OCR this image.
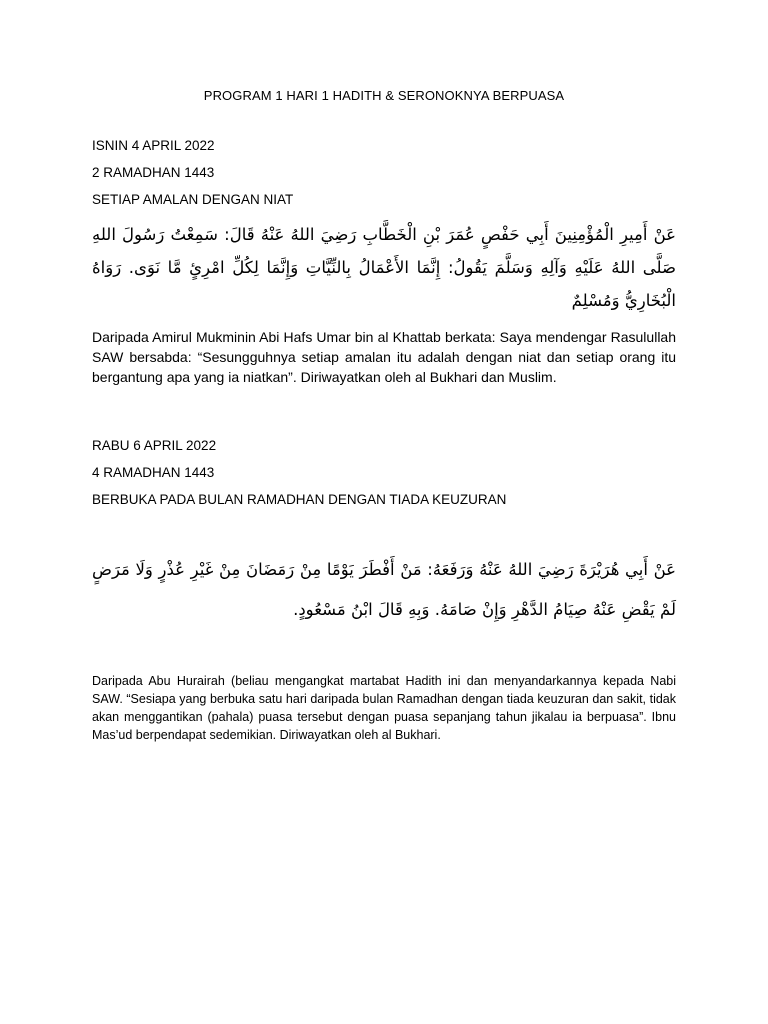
PROGRAM 1 HARI 1 HADITH & SERONOKNYA BERPUASA
ISNIN 4 APRIL 2022
2 RAMADHAN 1443
SETIAP AMALAN DENGAN NIAT
عَنْ أَمِيرِ الْمُؤْمِنِينَ أَبِي حَفْصٍ عُمَرَ بْنِ الْخَطَّابِ رَضِيَ اللهُ عَنْهُ قَالَ: سَمِعْتُ رَسُولَ اللهِ صَلَّى اللهُ عَلَيْهِ وَآلِهِ وَسَلَّمَ يَقُولُ: إِنَّمَا الأَعْمَالُ بِالنِّيَّاتِ وَإِنَّمَا لِكُلِّ امْرِئٍ مَّا نَوَى. رَوَاهُ الْبُخَارِيُّ وَمُسْلِمٌ
Daripada Amirul Mukminin Abi Hafs Umar bin al Khattab berkata: Saya mendengar Rasulullah SAW bersabda: “Sesungguhnya setiap amalan itu adalah dengan niat dan setiap orang itu bergantung apa yang ia niatkan”. Diriwayatkan oleh al Bukhari dan Muslim.
RABU 6 APRIL 2022
4 RAMADHAN 1443
BERBUKA PADA BULAN RAMADHAN DENGAN TIADA KEUZURAN
عَنْ أَبِي هُرَيْرَةَ رَضِيَ اللهُ عَنْهُ وَرَفَعَهُ: مَنْ أَفْطَرَ يَوْمًا مِنْ رَمَضَانَ مِنْ غَيْرِ عُذْرٍ وَلَا مَرَضٍ لَمْ يَقْضِ عَنْهُ صِيَامُ الدَّهْرِ وَإِنْ صَامَهُ. وَبِهِ قَالَ ابْنُ مَسْعُودٍ.
Daripada Abu Hurairah (beliau mengangkat martabat Hadith ini dan menyandarkannya kepada Nabi SAW. “Sesiapa yang berbuka satu hari daripada bulan Ramadhan dengan tiada keuzuran dan sakit, tidak akan menggantikan (pahala) puasa tersebut dengan puasa sepanjang tahun jikalau ia berpuasa”. Ibnu Mas’ud berpendapat sedemikian. Diriwayatkan oleh al Bukhari.
